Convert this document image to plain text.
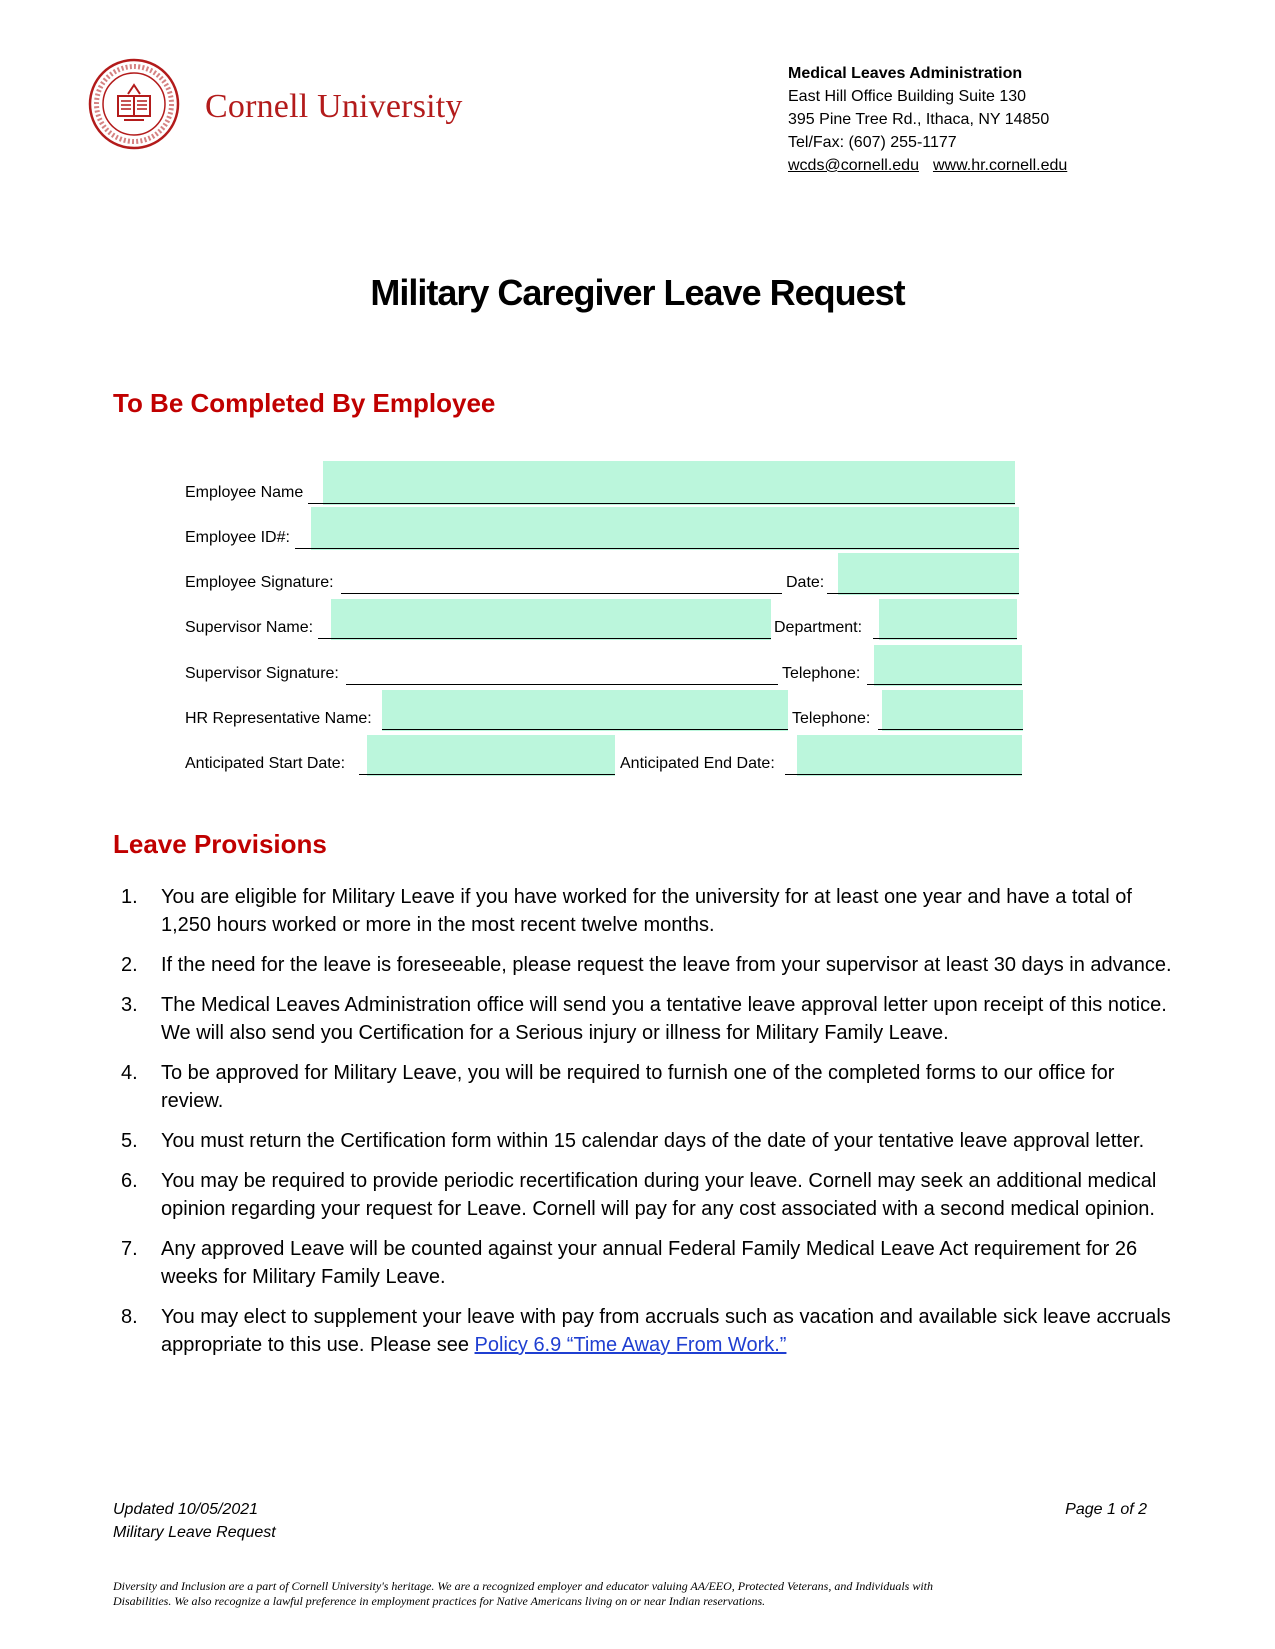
Cornell University
Medical Leaves Administration
East Hill Office Building Suite 130
395 Pine Tree Rd., Ithaca, NY 14850
Tel/Fax: (607) 255-1177
wcds@cornell.edu www.hr.cornell.edu
Military Caregiver Leave Request
To Be Completed By Employee
Employee Name
Employee ID#:
Employee Signature:	Date:
Supervisor Name:	Department:
Supervisor Signature:	Telephone:
HR Representative Name:	Telephone:
Anticipated Start Date:	Anticipated End Date:
Leave Provisions
1. You are eligible for Military Leave if you have worked for the university for at least one year and have a total of 1,250 hours worked or more in the most recent twelve months.
2. If the need for the leave is foreseeable, please request the leave from your supervisor at least 30 days in advance.
3. The Medical Leaves Administration office will send you a tentative leave approval letter upon receipt of this notice. We will also send you Certification for a Serious injury or illness for Military Family Leave.
4. To be approved for Military Leave, you will be required to furnish one of the completed forms to our office for review.
5. You must return the Certification form within 15 calendar days of the date of your tentative leave approval letter.
6. You may be required to provide periodic recertification during your leave. Cornell may seek an additional medical opinion regarding your request for Leave. Cornell will pay for any cost associated with a second medical opinion.
7. Any approved Leave will be counted against your annual Federal Family Medical Leave Act requirement for 26 weeks for Military Family Leave.
8. You may elect to supplement your leave with pay from accruals such as vacation and available sick leave accruals appropriate to this use. Please see Policy 6.9 “Time Away From Work.”
Updated 10/05/2021
Military Leave Request
Page 1 of 2
Diversity and Inclusion are a part of Cornell University's heritage. We are a recognized employer and educator valuing AA/EEO, Protected Veterans, and Individuals with
Disabilities. We also recognize a lawful preference in employment practices for Native Americans living on or near Indian reservations.
